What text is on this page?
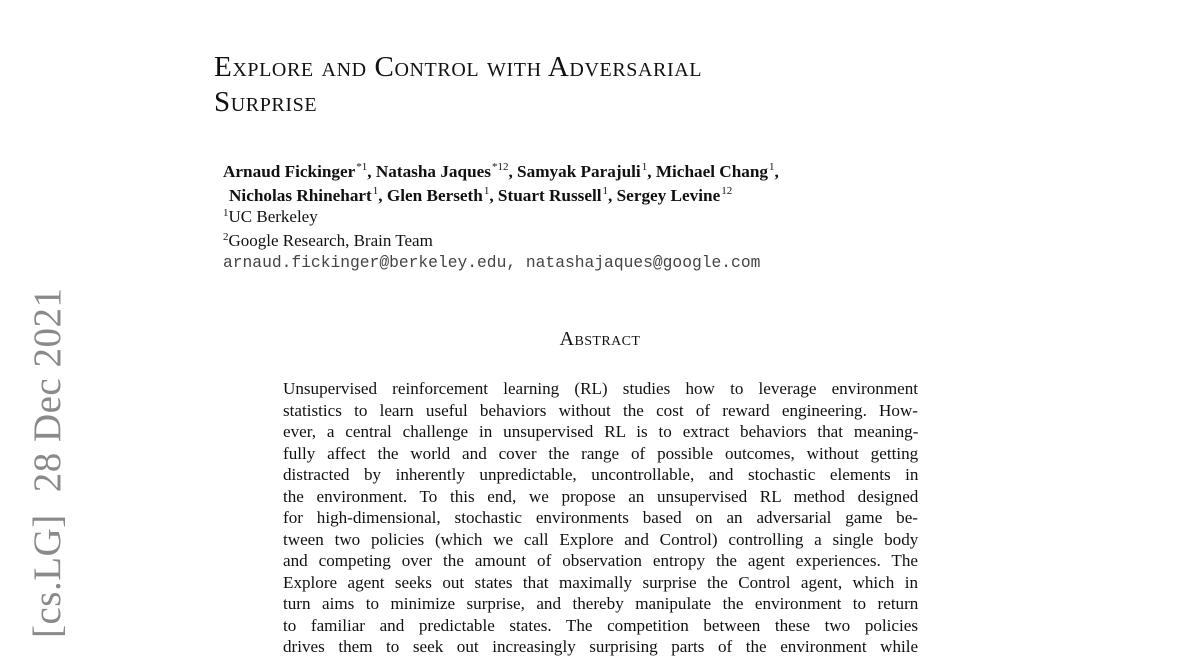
[cs.LG]28 Dec 2021
Explore and Control with Adversarial
Surprise
Arnaud Fickinger$^{*1}$, Natasha Jaques$^{*12}$, Samyak Parajuli$^1$, Michael Chang$^1$,
Nicholas Rhinehart$^1$, Glen Berseth$^1$, Stuart Russell$^1$, Sergey Levine$^{12}$
$^1$UC Berkeley
$^2$Google Research, Brain Team
arnaud.fickinger@berkeley.edu, natashajaques@google.com
Abstract
Unsupervised reinforcement learning (RL) studies how to leverage environment
statistics to learn useful behaviors without the cost of reward engineering. How-
ever, a central challenge in unsupervised RL is to extract behaviors that meaning-
fully affect the world and cover the range of possible outcomes, without getting
distracted by inherently unpredictable, uncontrollable, and stochastic elements in
the environment. To this end, we propose an unsupervised RL method designed
for high-dimensional, stochastic environments based on an adversarial game be-
tween two policies (which we call Explore and Control) controlling a single body
and competing over the amount of observation entropy the agent experiences. The
Explore agent seeks out states that maximally surprise the Control agent, which in
turn aims to minimize surprise, and thereby manipulate the environment to return
to familiar and predictable states. The competition between these two policies
drives them to seek out increasingly surprising parts of the environment while
